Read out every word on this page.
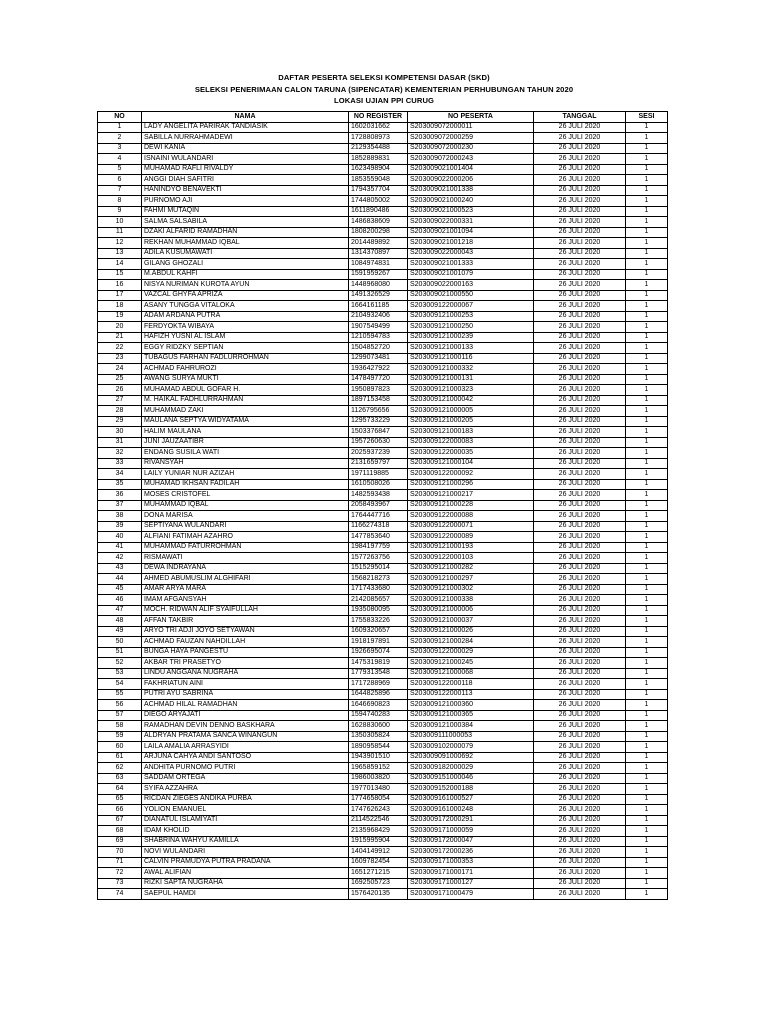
DAFTAR PESERTA SELEKSI KOMPETENSI DASAR (SKD)
SELEKSI PENERIMAAN CALON TARUNA (SIPENCATAR) KEMENTERIAN PERHUBUNGAN TAHUN 2020
LOKASI UJIAN PPI CURUG
NO	NAMA	NO REGISTER	NO PESERTA	TANGGAL	SESI
1	LADY ANGELITA PARIRAK TANDIASIK	1602031662	S203009072000011	26 JULI 2020	1
2	SABILLA NURRAHMADEWI	1728808973	S203009072000259	26 JULI 2020	1
3	DEWI KANIA	2129354488	S203009072000230	26 JULI 2020	1
4	ISNAINI WULANDARI	1852889831	S203009072000243	26 JULI 2020	1
5	MUHAMAD RAFLI RIVALDY	1623498904	S203009021001404	26 JULI 2020	1
6	ANGGI DIAH SAFITRI	1853559048	S203009022000206	26 JULI 2020	1
7	HANINDYO BENAVEKTI	1794357704	S203009021001338	26 JULI 2020	1
8	PURNOMO AJI	1744805002	S203009021000240	26 JULI 2020	1
9	FAHMI MUTAQIN	1611890486	S203009021000523	26 JULI 2020	1
10	SALMA SALSABILA	1486838609	S203009022000331	26 JULI 2020	1
11	DZAKI ALFARID RAMADHAN	1808200298	S203009021001094	26 JULI 2020	1
12	REKHAN MUHAMMAD IQBAL	2014489892	S203009021001218	26 JULI 2020	1
13	ADILA KUSUMAWATI	1314370897	S203009022000043	26 JULI 2020	1
14	GILANG GHOZALI	1084974831	S203009021001333	26 JULI 2020	1
15	M.ABDUL KAHFI	1591959267	S203009021001079	26 JULI 2020	1
16	NISYA NURIMAN KUROTA AYUN	1448968080	S203009022000163	26 JULI 2020	1
17	VAZCAL GHYFA APRIZA	1491326529	S203009021000550	26 JULI 2020	1
18	ASANY TUNGGA VITALOKA	1664161185	S203009122000067	26 JULI 2020	1
19	ADAM ARDANA PUTRA	2104932406	S203009121000253	26 JULI 2020	1
20	FERDYOKTA WIBAYA	1907549499	S203009121000250	26 JULI 2020	1
21	HAFIZH YUSNI AL ISLAM	1210594783	S203009121000239	26 JULI 2020	1
22	EGGY RIDZKY SEPTIAN	1504852720	S203009121000133	26 JULI 2020	1
23	TUBAGUS FARHAN FADLURROHMAN	1299073481	S203009121000116	26 JULI 2020	1
24	ACHMAD FAHRUROZI	1936427922	S203009121000332	26 JULI 2020	1
25	AWANG SURYA MUKTI	1478497720	S203009121000131	26 JULI 2020	1
26	MUHAMAD ABDUL GOFAR H.	1950897823	S203009121000323	26 JULI 2020	1
27	M. HAIKAL FADHLURRAHMAN	1897153458	S203009121000042	26 JULI 2020	1
28	MUHAMMAD ZAKI	1126795656	S203009121000005	26 JULI 2020	1
29	MAULANA SEPTYA WIDYATAMA	1295733229	S203009121000205	26 JULI 2020	1
30	HALIM MAULANA	1503376847	S203009121000183	26 JULI 2020	1
31	JUNI JAUZAATIBR	1957260630	S203009122000083	26 JULI 2020	1
32	ENDANG SUSILA WATI	2025937239	S203009122000035	26 JULI 2020	1
33	RIVANSYAH	2131659797	S203009121000104	26 JULI 2020	1
34	LAILY YUNIAR NUR AZIZAH	1971119885	S203009122000092	26 JULI 2020	1
35	MUHAMAD IKHSAN FADILAH	1610508026	S203009121000296	26 JULI 2020	1
36	MOSES CRISTOFEL	1482593438	S203009121000217	26 JULI 2020	1
37	MUHAMMAD IQBAL	2058493967	S203009121000228	26 JULI 2020	1
38	DONA MARISA	1764447716	S203009122000088	26 JULI 2020	1
39	SEPTIYANA WULANDARI	1166274318	S203009122000071	26 JULI 2020	1
40	ALFIANI FATIMAH AZAHRO	1477853640	S203009122000089	26 JULI 2020	1
41	MUHAMMAD FATURROHMAN	1984197759	S203009121000193	26 JULI 2020	1
42	RISMAWATI	1577263756	S203009122000103	26 JULI 2020	1
43	DEWA INDRAYANA	1515295014	S203009121000282	26 JULI 2020	1
44	AHMED ABUMUSLIM ALGHIFARI	1568218273	S203009121000297	26 JULI 2020	1
45	AMAR ARYA MARA	1717433680	S203009121000302	26 JULI 2020	1
46	IMAM AFGANSYAH	2142085657	S203009121000338	26 JULI 2020	1
47	MOCH. RIDWAN ALIF SYAIFULLAH	1935080095	S203009121000006	26 JULI 2020	1
48	AFFAN TAKBIR	1755833226	S203009121000037	26 JULI 2020	1
49	ARYO TRI ADJI JOYO SETYAWAN	1609320657	S203009121000026	26 JULI 2020	1
50	ACHMAD FAUZAN NAHDILLAH	1918197891	S203009121000284	26 JULI 2020	1
51	BUNGA HAYA PANGESTU	1926695074	S203009122000029	26 JULI 2020	1
52	AKBAR TRI PRASETYO	1475319819	S203009121000245	26 JULI 2020	1
53	LINDU ANGGANA NUGRAHA	1779313548	S203009121000068	26 JULI 2020	1
54	FAKHRIATUN AINI	1717288969	S203009122000118	26 JULI 2020	1
55	PUTRI AYU SABRINA	1644825896	S203009122000113	26 JULI 2020	1
56	ACHMAD HILAL RAMADHAN	1646690823	S203009121000360	26 JULI 2020	1
57	DIEGO ARYAJATI	1594740283	S203009121000365	26 JULI 2020	1
58	RAMADHAN DEVIN DENNO BASKHARA	1628830600	S203009121000384	26 JULI 2020	1
59	ALDRYAN PRATAMA SANCA WINANGUN	1350305824	S203009111000053	26 JULI 2020	1
60	LAILA AMALIA ARRASYIDI	1890958544	S203009102000079	26 JULI 2020	1
61	ARJUNA CAHYA ANDI SANTOSO	1943901510	S203009091000692	26 JULI 2020	1
62	ANDHITA PURNOMO PUTRI	1965859152	S203009182000029	26 JULI 2020	1
63	SADDAM ORTEGA	1986003820	S203009151000046	26 JULI 2020	1
64	SYIFA AZZAHRA	1977013480	S203009152000188	26 JULI 2020	1
65	RICDAN ZIEGES ANDIKA PURBA	1774658054	S203009161000527	26 JULI 2020	1
66	YOLION EMANUEL	1747626243	S203009161000248	26 JULI 2020	1
67	DIANATUL ISLAMIYATI	2114522546	S203009172000291	26 JULI 2020	1
68	IDAM KHOLID	2135968429	S203009171000059	26 JULI 2020	1
69	SHABRINA WAHYU KAMILLA	1915995904	S203009172000047	26 JULI 2020	1
70	NOVI WULANDARI	1404149912	S203009172000236	26 JULI 2020	1
71	CALVIN PRAMUDYA PUTRA PRADANA	1609782454	S203009171000353	26 JULI 2020	1
72	AWAL ALIFIAN	1651271215	S203009171000171	26 JULI 2020	1
73	RIZKI SAPTA NUGRAHA	1692505723	S203009171000127	26 JULI 2020	1
74	SAEPUL HAMDI	1576420135	S203009171000479	26 JULI 2020	1
